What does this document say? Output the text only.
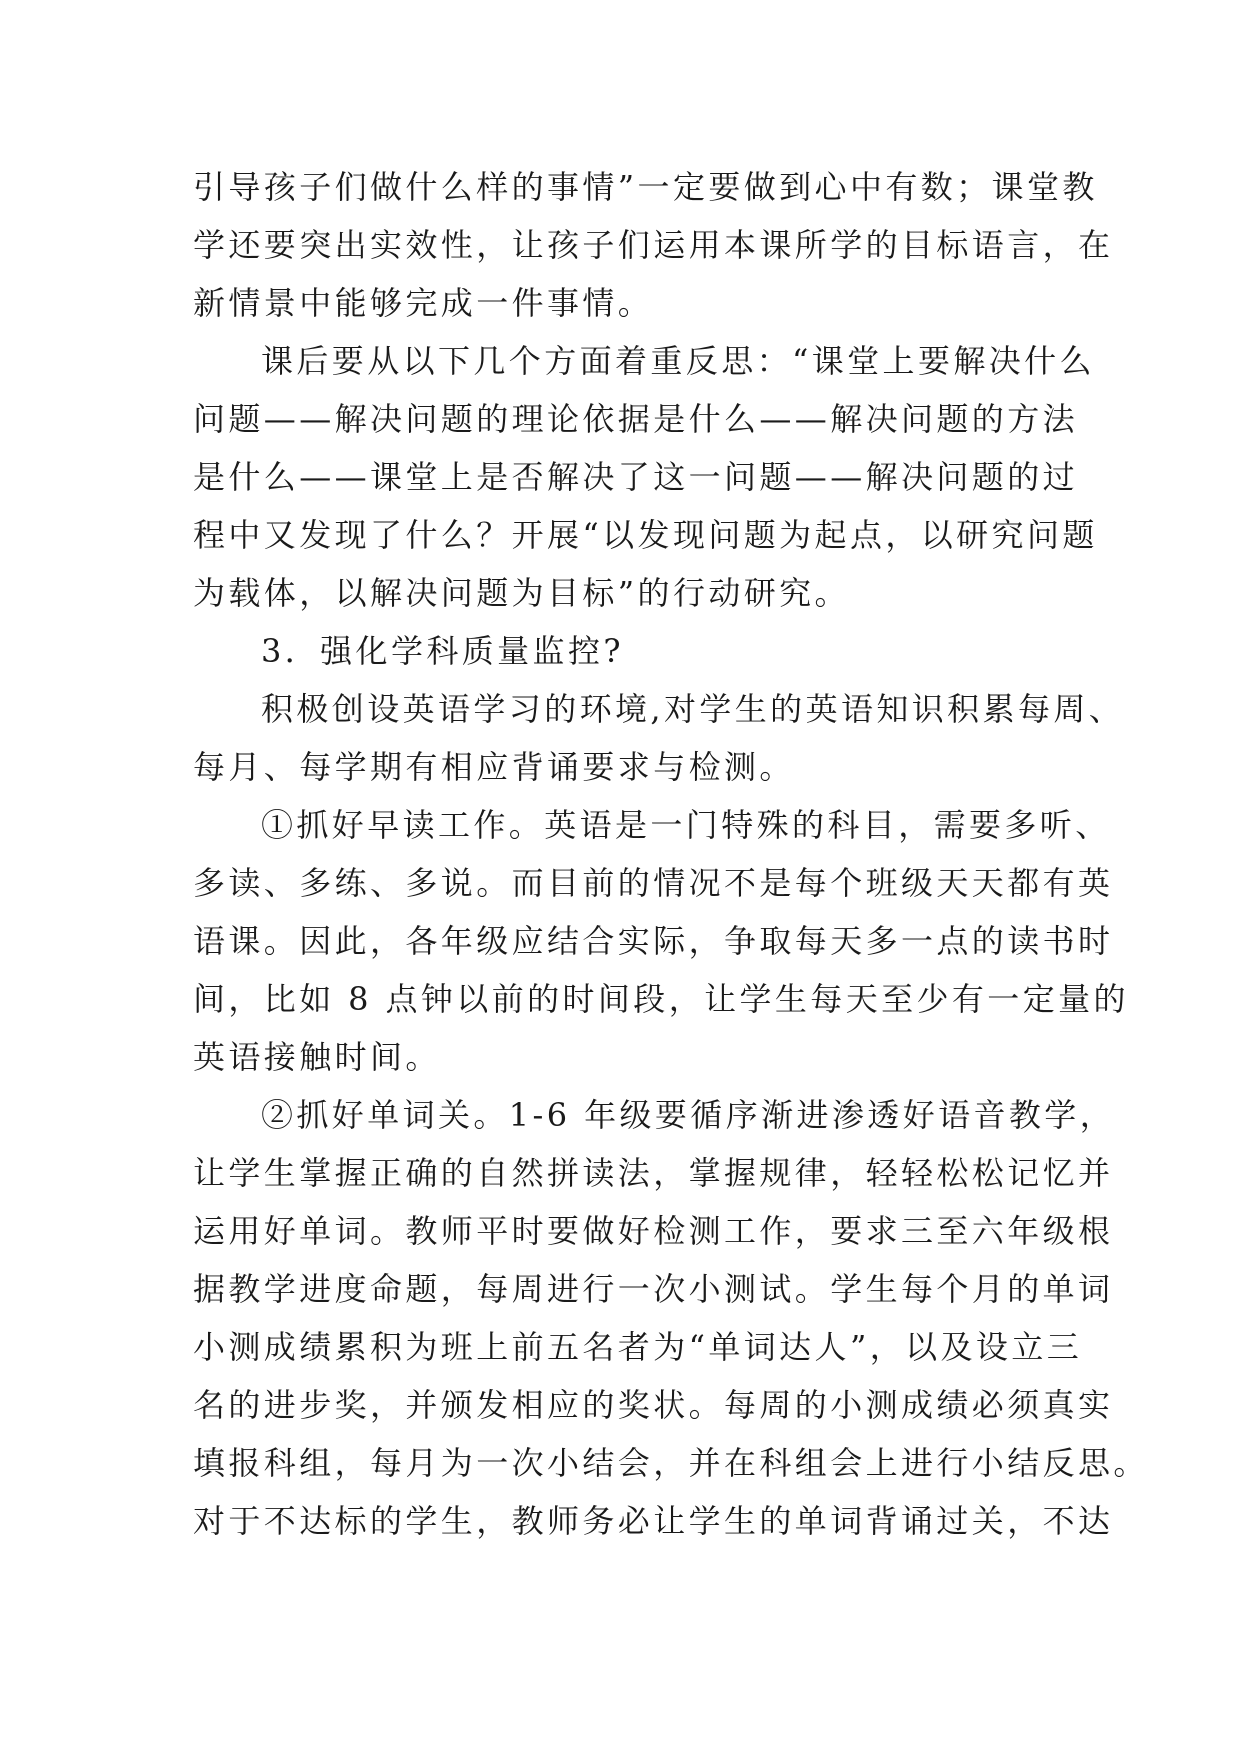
引导孩子们做什么样的事情”一定要做到心中有数；课堂教
学还要突出实效性，让孩子们运用本课所学的目标语言，在
新情景中能够完成一件事情。
课后要从以下几个方面着重反思：“课堂上要解决什么
问题——解决问题的理论依据是什么——解决问题的方法
是什么——课堂上是否解决了这一问题——解决问题的过
程中又发现了什么？开展“以发现问题为起点，以研究问题
为载体，以解决问题为目标”的行动研究。
3．强化学科质量监控?
积极创设英语学习的环境,对学生的英语知识积累每周、
每月、每学期有相应背诵要求与检测。
①抓好早读工作。英语是一门特殊的科目，需要多听、
多读、多练、多说。而目前的情况不是每个班级天天都有英
语课。因此，各年级应结合实际，争取每天多一点的读书时
间，比如 8 点钟以前的时间段，让学生每天至少有一定量的
英语接触时间。
②抓好单词关。1-6 年级要循序渐进渗透好语音教学，
让学生掌握正确的自然拼读法，掌握规律，轻轻松松记忆并
运用好单词。教师平时要做好检测工作，要求三至六年级根
据教学进度命题，每周进行一次小测试。学生每个月的单词
小测成绩累积为班上前五名者为“单词达人”，以及设立三
名的进步奖，并颁发相应的奖状。每周的小测成绩必须真实
填报科组，每月为一次小结会，并在科组会上进行小结反思。
对于不达标的学生，教师务必让学生的单词背诵过关，不达
